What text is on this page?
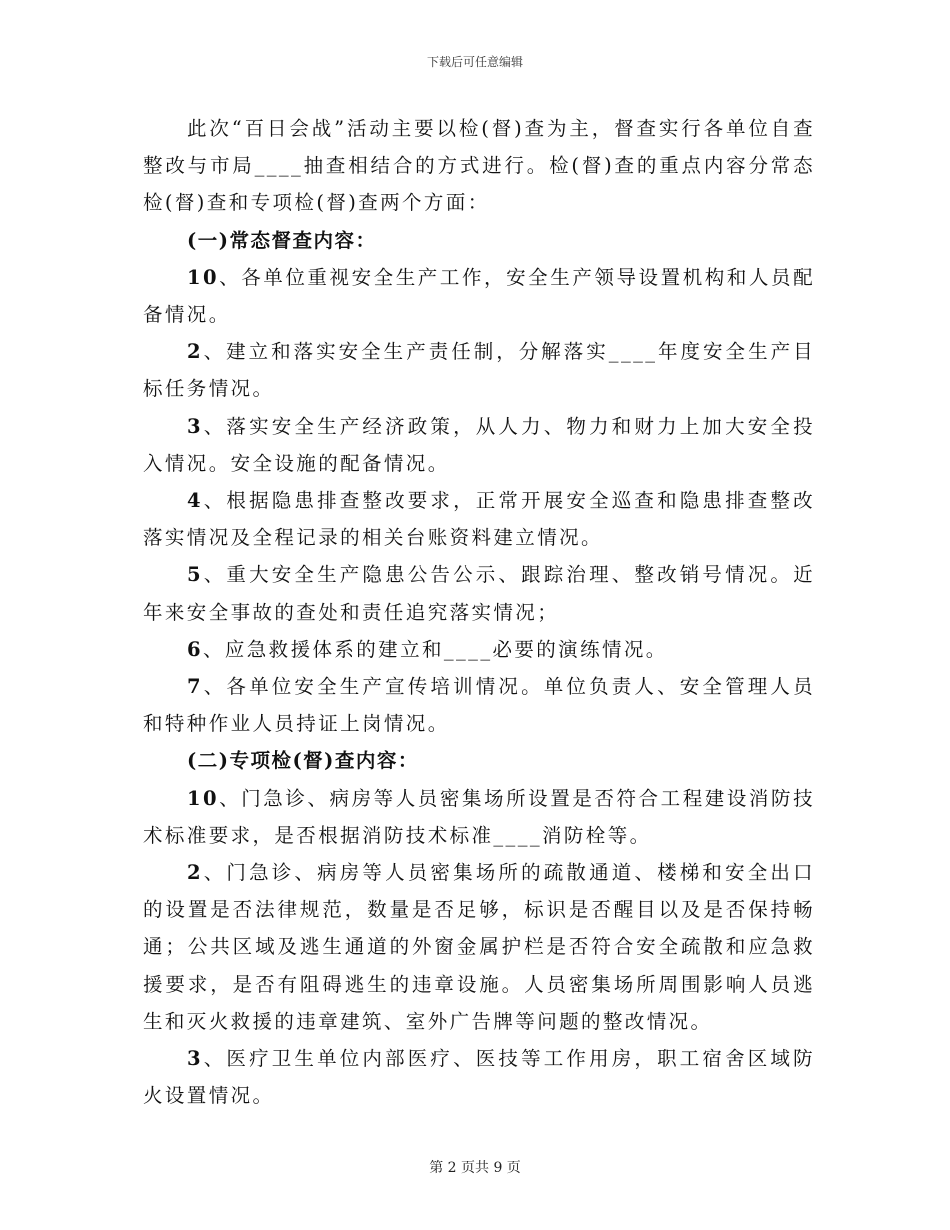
下载后可任意编辑

此次“百日会战”活动主要以检(督)查为主，督查实行各单位自查整改与市局____抽查相结合的方式进行。检(督)查的重点内容分常态检(督)查和专项检(督)查两个方面：

(一)常态督查内容：

10、各单位重视安全生产工作，安全生产领导设置机构和人员配备情况。

2、建立和落实安全生产责任制，分解落实____年度安全生产目标任务情况。

3、落实安全生产经济政策，从人力、物力和财力上加大安全投入情况。安全设施的配备情况。

4、根据隐患排查整改要求，正常开展安全巡查和隐患排查整改落实情况及全程记录的相关台账资料建立情况。

5、重大安全生产隐患公告公示、跟踪治理、整改销号情况。近年来安全事故的查处和责任追究落实情况；

6、应急救援体系的建立和____必要的演练情况。

7、各单位安全生产宣传培训情况。单位负责人、安全管理人员和特种作业人员持证上岗情况。

(二)专项检(督)查内容：

10、门急诊、病房等人员密集场所设置是否符合工程建设消防技术标准要求，是否根据消防技术标准____消防栓等。

2、门急诊、病房等人员密集场所的疏散通道、楼梯和安全出口的设置是否法律规范，数量是否足够，标识是否醒目以及是否保持畅通；公共区域及逃生通道的外窗金属护栏是否符合安全疏散和应急救援要求，是否有阻碍逃生的违章设施。人员密集场所周围影响人员逃生和灭火救援的违章建筑、室外广告牌等问题的整改情况。

3、医疗卫生单位内部医疗、医技等工作用房，职工宿舍区域防火设置情况。

第 2 页共 9 页
